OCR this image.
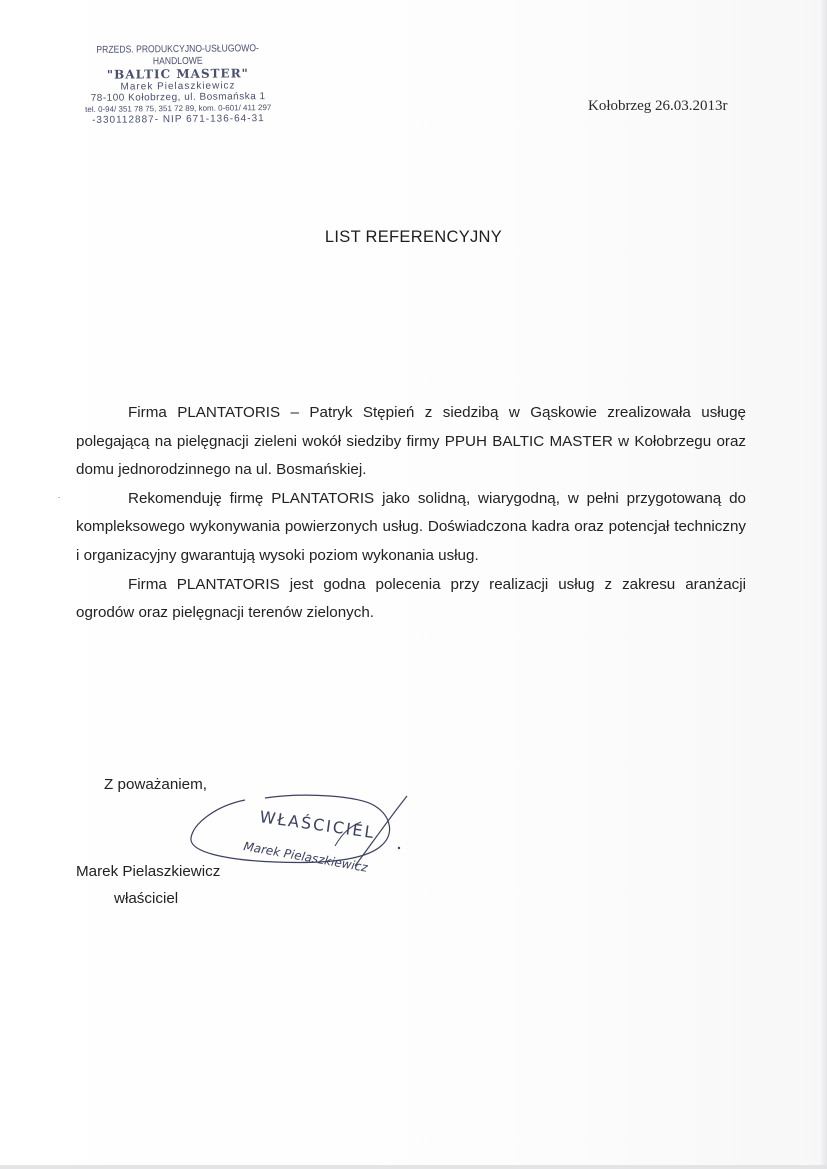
PRZEDS. PRODUKCYJNO-USŁUGOWO-HANDLOWE
"BALTIC MASTER"
Marek Pielaszkiewicz
78-100 Kołobrzeg, ul. Bosmańska 1
tel. 0-94/ 351 78 75, 351 72 89, kom. 0-601/ 411 297
-330112887- NIP 671-136-64-31
Kołobrzeg 26.03.2013r
LIST REFERENCYJNY

Firma PLANTATORIS – Patryk Stępień z siedzibą w Gąskowie zrealizowała usługę polegającą na pielęgnacji zieleni wokół siedziby firmy PPUH BALTIC MASTER w Kołobrzegu oraz domu jednorodzinnego na ul. Bosmańskiej.

Rekomenduję firmę PLANTATORIS jako solidną, wiarygodną, w pełni przygotowaną do kompleksowego wykonywania powierzonych usług. Doświadczona kadra oraz potencjał techniczny i organizacyjny gwarantują wysoki poziom wykonania usług.

Firma PLANTATORIS jest godna polecenia przy realizacji usług z zakresu aranżacji ogrodów oraz pielęgnacji terenów zielonych.

Z poważaniem,
WŁAŚCICIEL
Marek Pielaszkiewicz
Marek Pielaszkiewicz
właściciel
